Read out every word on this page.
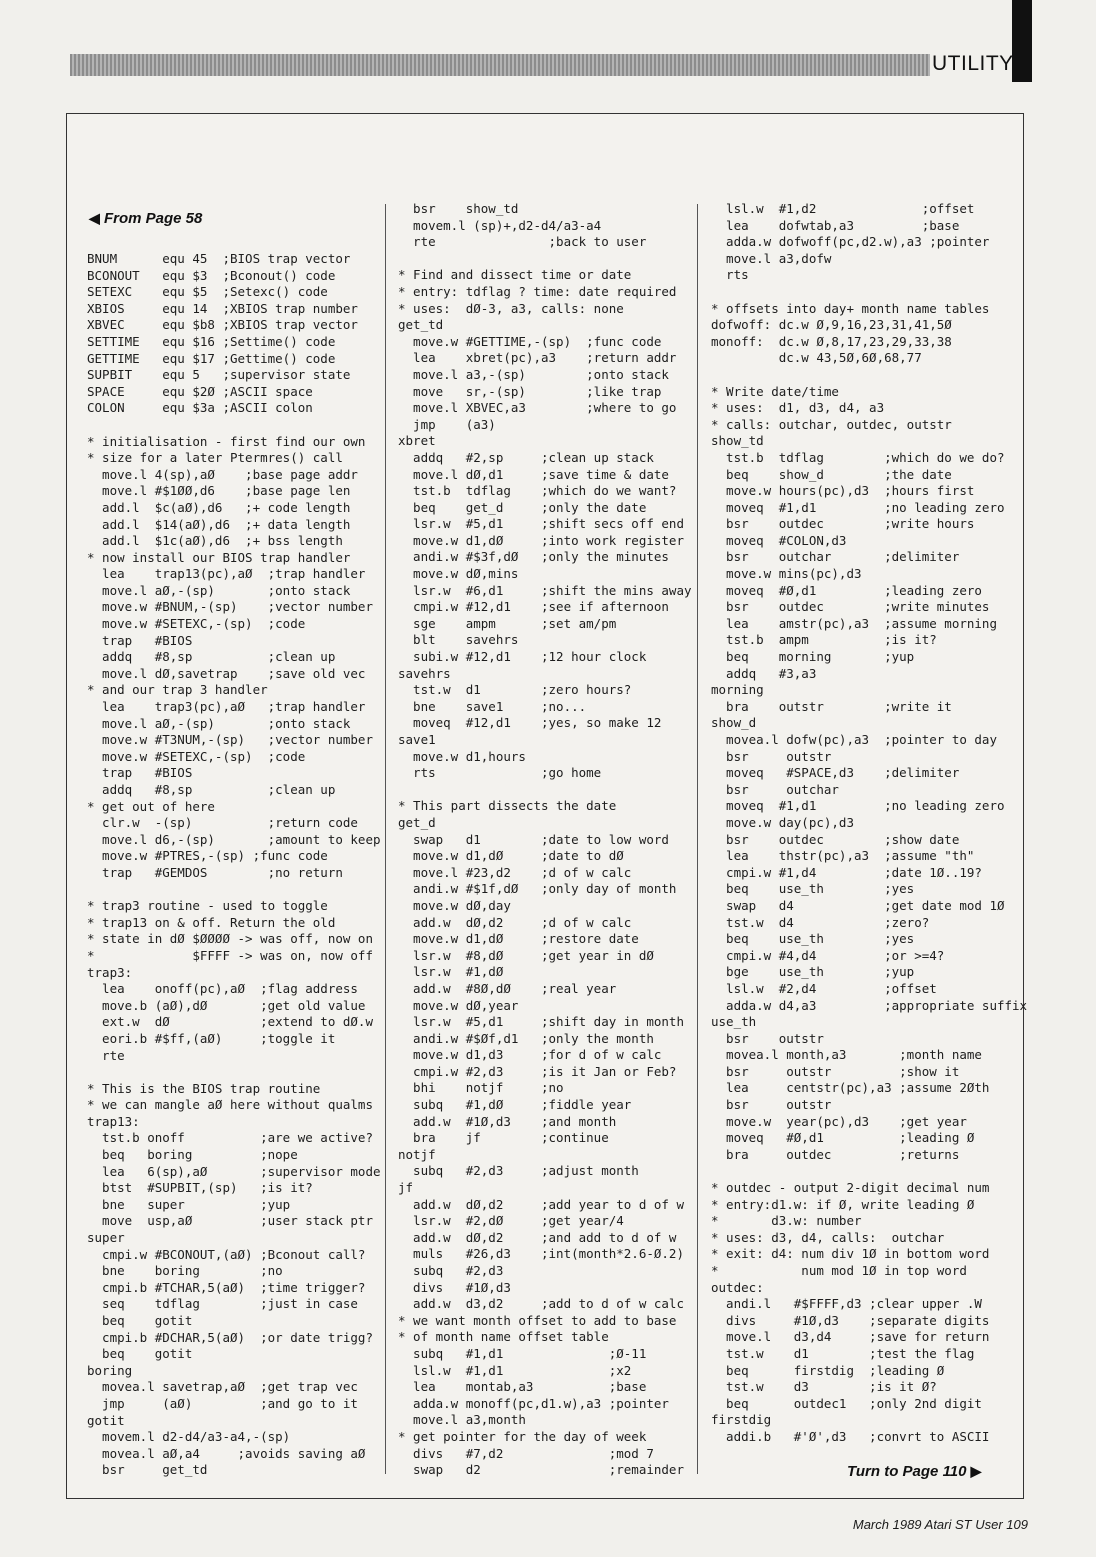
UTILITY
◀ From Page 58
BNUM      equ 45  ;BIOS trap vector
BCONOUT   equ $3  ;Bconout() code
SETEXC    equ $5  ;Setexc() code
XBIOS     equ 14  ;XBIOS trap number
XBVEC     equ $b8 ;XBIOS trap vector
SETTIME   equ $16 ;Settime() code
GETTIME   equ $17 ;Gettime() code
SUPBIT    equ 5   ;supervisor state
SPACE     equ $2Ø ;ASCII space
COLON     equ $3a ;ASCII colon

* initialisation - first find our own
* size for a later Ptermres() call
move.l 4(sp),aØ    ;base page addr
move.l #$1ØØ,d6    ;base page len
add.l  $c(aØ),d6   ;+ code length
add.l  $14(aØ),d6  ;+ data length
add.l  $1c(aØ),d6  ;+ bss length
* now install our BIOS trap handler
lea    trap13(pc),aØ  ;trap handler
move.l aØ,-(sp)       ;onto stack
move.w #BNUM,-(sp)    ;vector number
move.w #SETEXC,-(sp)  ;code
trap   #BIOS
addq   #8,sp          ;clean up
move.l dØ,savetrap    ;save old vec
* and our trap 3 handler
lea    trap3(pc),aØ   ;trap handler
move.l aØ,-(sp)       ;onto stack
move.w #T3NUM,-(sp)   ;vector number
move.w #SETEXC,-(sp)  ;code
trap   #BIOS
addq   #8,sp          ;clean up
* get out of here
clr.w  -(sp)          ;return code
move.l d6,-(sp)       ;amount to keep
move.w #PTRES,-(sp) ;func code
trap   #GEMDOS        ;no return

* trap3 routine - used to toggle
* trap13 on & off. Return the old
* state in dØ $ØØØØ -> was off, now on
*             $FFFF -> was on, now off
trap3:
lea    onoff(pc),aØ  ;flag address
move.b (aØ),dØ       ;get old value
ext.w  dØ            ;extend to dØ.w
eori.b #$ff,(aØ)     ;toggle it
rte

* This is the BIOS trap routine
* we can mangle aØ here without qualms
trap13:
tst.b onoff          ;are we active?
beq   boring         ;nope
lea   6(sp),aØ       ;supervisor mode
btst  #SUPBIT,(sp)   ;is it?
bne   super          ;yup
move  usp,aØ         ;user stack ptr
super
cmpi.w #BCONOUT,(aØ) ;Bconout call?
bne    boring        ;no
cmpi.b #TCHAR,5(aØ)  ;time trigger?
seq    tdflag        ;just in case
beq    gotit
cmpi.b #DCHAR,5(aØ)  ;or date trigg?
beq    gotit
boring
movea.l savetrap,aØ  ;get trap vec
jmp     (aØ)         ;and go to it
gotit
movem.l d2-d4/a3-a4,-(sp)
movea.l aØ,a4     ;avoids saving aØ
bsr     get_td
bsr    show_td
movem.l (sp)+,d2-d4/a3-a4
rte               ;back to user

* Find and dissect time or date
* entry: tdflag ? time: date required
* uses:  dØ-3, a3, calls: none
get_td
move.w #GETTIME,-(sp)  ;func code
lea    xbret(pc),a3    ;return addr
move.l a3,-(sp)        ;onto stack
move   sr,-(sp)        ;like trap
move.l XBVEC,a3        ;where to go
jmp    (a3)
xbret
addq   #2,sp     ;clean up stack
move.l dØ,d1     ;save time & date
tst.b  tdflag    ;which do we want?
beq    get_d     ;only the date
lsr.w  #5,d1     ;shift secs off end
move.w d1,dØ     ;into work register
andi.w #$3f,dØ   ;only the minutes
move.w dØ,mins
lsr.w  #6,d1     ;shift the mins away
cmpi.w #12,d1    ;see if afternoon
sge    ampm      ;set am/pm
blt    savehrs
subi.w #12,d1    ;12 hour clock
savehrs
tst.w  d1        ;zero hours?
bne    save1     ;no...
moveq  #12,d1    ;yes, so make 12
save1
move.w d1,hours
rts              ;go home

* This part dissects the date
get_d
swap   d1        ;date to low word
move.w d1,dØ     ;date to dØ
move.l #23,d2    ;d of w calc
andi.w #$1f,dØ   ;only day of month
move.w dØ,day
add.w  dØ,d2     ;d of w calc
move.w d1,dØ     ;restore date
lsr.w  #8,dØ     ;get year in dØ
lsr.w  #1,dØ
add.w  #8Ø,dØ    ;real year
move.w dØ,year
lsr.w  #5,d1     ;shift day in month
andi.w #$Øf,d1   ;only the month
move.w d1,d3     ;for d of w calc
cmpi.w #2,d3     ;is it Jan or Feb?
bhi    notjf     ;no
subq   #1,dØ     ;fiddle year
add.w  #1Ø,d3    ;and month
bra    jf        ;continue
notjf
subq   #2,d3     ;adjust month
jf
add.w  dØ,d2     ;add year to d of w
lsr.w  #2,dØ     ;get year/4
add.w  dØ,d2     ;and add to d of w
muls   #26,d3    ;int(month*2.6-Ø.2)
subq   #2,d3
divs   #1Ø,d3
add.w  d3,d2     ;add to d of w calc
* we want month offset to add to base
* of month name offset table
subq   #1,d1              ;Ø-11
lsl.w  #1,d1              ;x2
lea    montab,a3          ;base
adda.w monoff(pc,d1.w),a3 ;pointer
move.l a3,month
* get pointer for the day of week
divs   #7,d2              ;mod 7
swap   d2                 ;remainder
lsl.w  #1,d2              ;offset
lea    dofwtab,a3         ;base
adda.w dofwoff(pc,d2.w),a3 ;pointer
move.l a3,dofw
rts

* offsets into day+ month name tables
dofwoff: dc.w Ø,9,16,23,31,41,5Ø
monoff:  dc.w Ø,8,17,23,29,33,38
dc.w 43,5Ø,6Ø,68,77

* Write date/time
* uses:  d1, d3, d4, a3
* calls: outchar, outdec, outstr
show_td
tst.b  tdflag        ;which do we do?
beq    show_d        ;the date
move.w hours(pc),d3  ;hours first
moveq  #1,d1         ;no leading zero
bsr    outdec        ;write hours
moveq  #COLON,d3
bsr    outchar       ;delimiter
move.w mins(pc),d3
moveq  #Ø,d1         ;leading zero
bsr    outdec        ;write minutes
lea    amstr(pc),a3  ;assume morning
tst.b  ampm          ;is it?
beq    morning       ;yup
addq   #3,a3
morning
bra    outstr        ;write it
show_d
movea.l dofw(pc),a3  ;pointer to day
bsr     outstr
moveq   #SPACE,d3    ;delimiter
bsr     outchar
moveq  #1,d1         ;no leading zero
move.w day(pc),d3
bsr    outdec        ;show date
lea    thstr(pc),a3  ;assume "th"
cmpi.w #1,d4         ;date 1Ø..19?
beq    use_th        ;yes
swap   d4            ;get date mod 1Ø
tst.w  d4            ;zero?
beq    use_th        ;yes
cmpi.w #4,d4         ;or >=4?
bge    use_th        ;yup
lsl.w  #2,d4         ;offset
adda.w d4,a3         ;appropriate suffix
use_th
bsr    outstr
movea.l month,a3       ;month name
bsr     outstr         ;show it
lea     centstr(pc),a3 ;assume 2Øth
bsr     outstr
move.w  year(pc),d3    ;get year
moveq   #Ø,d1          ;leading Ø
bra     outdec         ;returns

* outdec - output 2-digit decimal num
* entry:d1.w: if Ø, write leading Ø
*       d3.w: number
* uses: d3, d4, calls:  outchar
* exit: d4: num div 1Ø in bottom word
*           num mod 1Ø in top word
outdec:
andi.l   #$FFFF,d3 ;clear upper .W
divs     #1Ø,d3    ;separate digits
move.l   d3,d4     ;save for return
tst.w    d1        ;test the flag
beq      firstdig  ;leading Ø
tst.w    d3        ;is it Ø?
beq      outdec1   ;only 2nd digit
firstdig
addi.b   #'Ø',d3   ;convrt to ASCII
Turn to Page 110 ▶
March 1989 Atari ST User 109
